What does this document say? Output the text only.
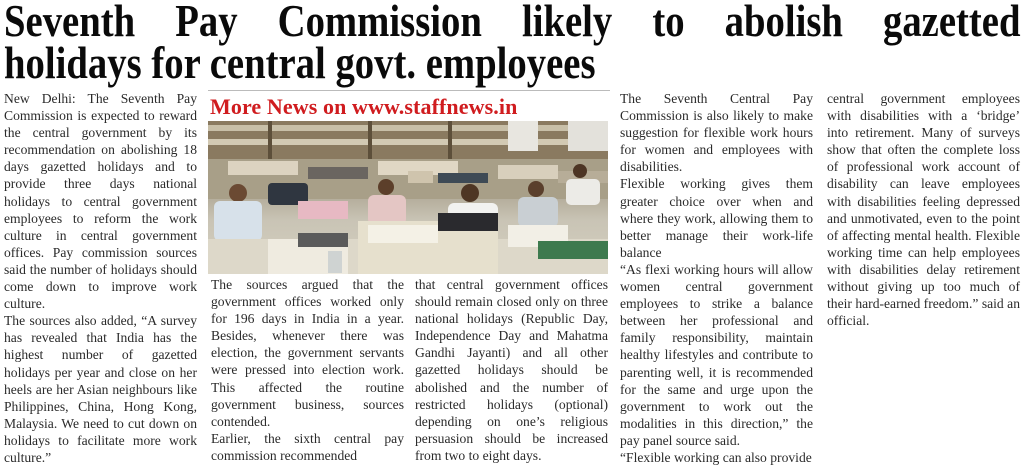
Seventh Pay Commission likely to abolish gazetted
holidays for central govt. employees

New Delhi: The Seventh Pay Commission is expected to reward the central government by its recommendation on abolishing 18 days gazetted holidays and to provide three days national holidays to central government employees to reform the work culture in central government offices. Pay commission sources said the number of holidays should come down to improve work culture.

The sources also added, “A survey has revealed that India has the highest number of gazetted holidays per year and close on her heels are her Asian neighbours like Philippines, China, Hong Kong, Malaysia. We need to cut down on holidays to facilitate more work culture.”

More News on www.staffnews.in

The sources argued that the government offices worked only for 196 days in India in a year. Besides, whenever there was election, the government servants were pressed into election work. This affected the routine government business, sources contended.

Earlier, the sixth central pay commission recommended

that central government offices should remain closed only on three national holidays (Republic Day, Independence Day and Mahatma Gandhi Jayanti) and all other gazetted holidays should be abolished and the number of restricted holidays (optional) depending on one’s religious persuasion should be increased from two to eight days.

The Seventh Central Pay Commission is also likely to make suggestion for flexible work hours for women and employees with disabilities.

Flexible working gives them greater choice over when and where they work, allowing them to better manage their work-life balance

“As flexi working hours will allow women central government employees to strike a balance between her professional and family responsibility, maintain healthy lifestyles and contribute to parenting well, it is recommended for the same and urge upon the government to work out the modalities in this direction,” the pay panel source said.

“Flexible working can also provide

central government employees with disabilities with a ‘bridge’ into retirement. Many of surveys show that often the complete loss of professional work account of disability can leave employees with disabilities feeling depressed and unmotivated, even to the point of affecting mental health. Flexible working time can help employees with disabilities delay retirement without giving up too much of their hard-earned freedom.” said an official.
